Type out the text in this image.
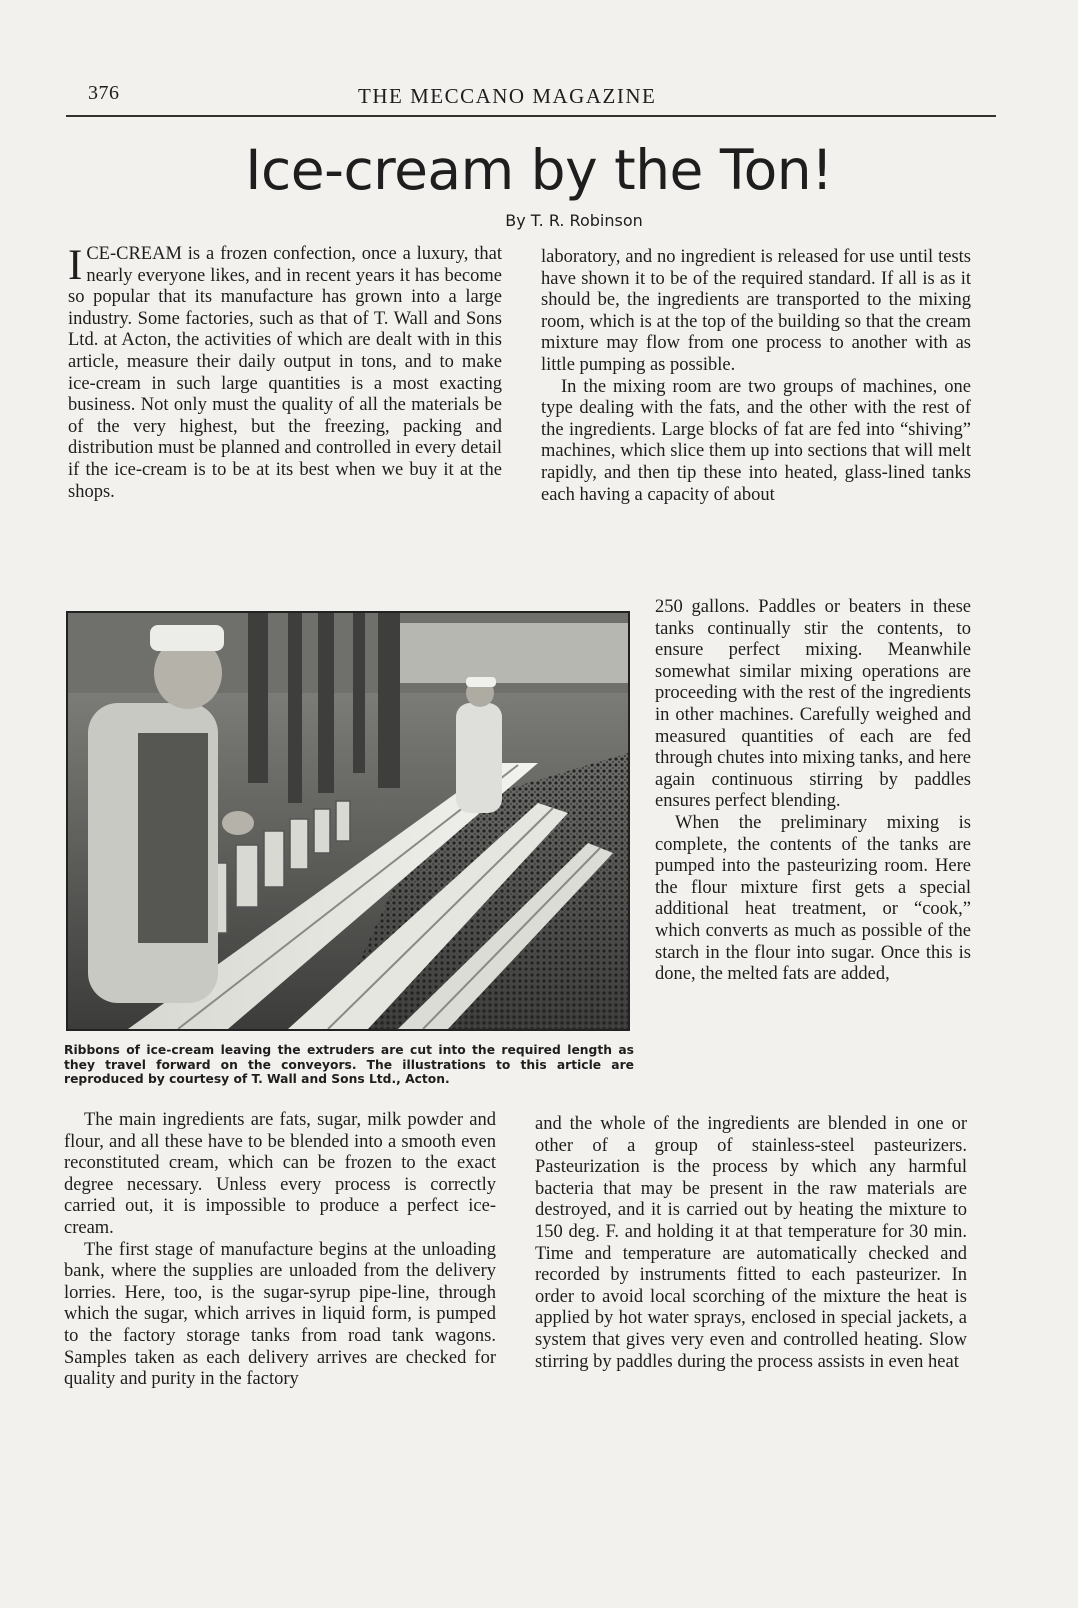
376	THE MECCANO MAGAZINE
Ice-cream by the Ton!
By T. R. Robinson

ICE-CREAM is a frozen confection, once a luxury, that nearly everyone likes, and in recent years it has become so popular that its manufacture has grown into a large industry. Some factories, such as that of T. Wall and Sons Ltd. at Acton, the activities of which are dealt with in this article, measure their daily output in tons, and to make ice-cream in such large quantities is a most exacting business. Not only must the quality of all the materials be of the very highest, but the freezing, packing and distribution must be planned and controlled in every detail if the ice-cream is to be at its best when we buy it at the shops.

laboratory, and no ingredient is released for use until tests have shown it to be of the required standard. If all is as it should be, the ingredients are transported to the mixing room, which is at the top of the building so that the cream mixture may flow from one process to another with as little pumping as possible.

In the mixing room are two groups of machines, one type dealing with the fats, and the other with the rest of the ingredients. Large blocks of fat are fed into “shiving” machines, which slice them up into sections that will melt rapidly, and then tip these into heated, glass-lined tanks each having a capacity of about

Ribbons of ice-cream leaving the extruders are cut into the required length as they travel forward on the conveyors. The illustrations to this article are reproduced by courtesy of T. Wall and Sons Ltd., Acton.

250 gallons. Paddles or beaters in these tanks continually stir the contents, to ensure perfect mixing. Meanwhile somewhat similar mixing operations are proceeding with the rest of the ingredients in other machines. Carefully weighed and measured quantities of each are fed through chutes into mixing tanks, and here again continuous stirring by paddles ensures perfect blending.

When the preliminary mixing is complete, the contents of the tanks are pumped into the pasteurizing room. Here the flour mixture first gets a special additional heat treatment, or “cook,” which converts as much as possible of the starch in the flour into sugar. Once this is done, the melted fats are added,

The main ingredients are fats, sugar, milk powder and flour, and all these have to be blended into a smooth even reconstituted cream, which can be frozen to the exact degree necessary. Unless every process is correctly carried out, it is impossible to produce a perfect ice-cream.

The first stage of manufacture begins at the unloading bank, where the supplies are unloaded from the delivery lorries. Here, too, is the sugar-syrup pipe-line, through which the sugar, which arrives in liquid form, is pumped to the factory storage tanks from road tank wagons. Samples taken as each delivery arrives are checked for quality and purity in the factory

and the whole of the ingredients are blended in one or other of a group of stainless-steel pasteurizers. Pasteurization is the process by which any harmful bacteria that may be present in the raw materials are destroyed, and it is carried out by heating the mixture to 150 deg. F. and holding it at that temperature for 30 min. Time and temperature are automatically checked and recorded by instruments fitted to each pasteurizer. In order to avoid local scorching of the mixture the heat is applied by hot water sprays, enclosed in special jackets, a system that gives very even and controlled heating. Slow stirring by paddles during the process assists in even heat
